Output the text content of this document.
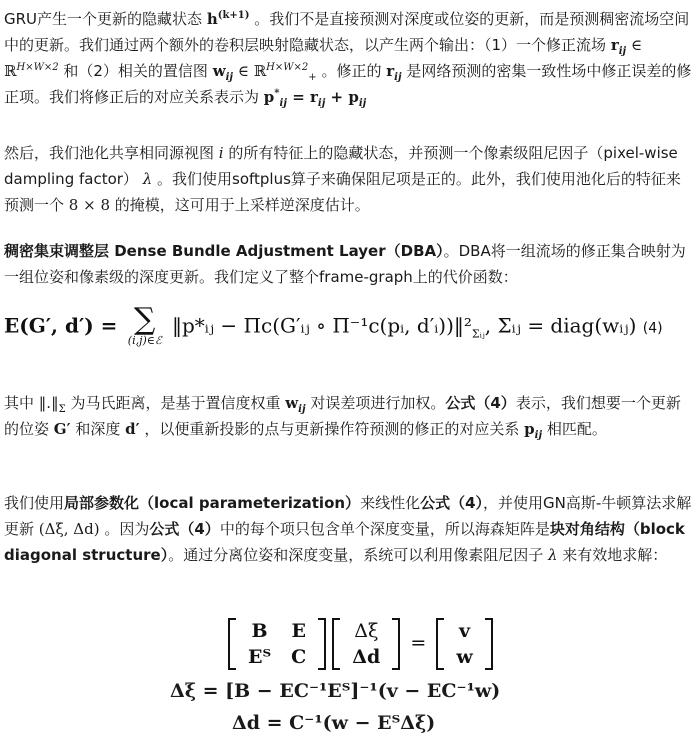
GRU产生一个更新的隐藏状态 $h^{(k+1)}$ 。我们不是直接预测对深度或位姿的更新，而是预测稠密流场空间中的更新。我们通过两个额外的卷积层映射隐藏状态，以产生两个输出：（1）一个修正流场 $r_{ij}$ ∈ ℝ$^{H\times W\times 2}$ 和（2）相关的置信图 $w_{ij}$ ∈ ℝ$^{H\times W\times 2}_+$ 。修正的 $r_{ij}$ 是网络预测的密集一致性场中修正误差的修正项。我们将修正后的对应关系表示为 $p^*_{ij} = r_{ij} + p_{ij}$

然后，我们池化共享相同源视图 i 的所有特征上的隐藏状态，并预测一个像素级阻尼因子（pixel-wise dampling factor） λ 。我们使用softplus算子来确保阻尼项是正的。此外，我们使用池化后的特征来预测一个 8 × 8 的掩模，这可用于上采样逆深度估计。

稠密集束调整层 Dense Bundle Adjustment Layer（DBA）。DBA将一组流场的修正集合映射为一组位姿和像素级的深度更新。我们定义了整个frame-graph上的代价函数：

E(G′, d′) = ∑
(i,j)∈ℰ
‖p*ᵢⱼ − Πc(G′ᵢⱼ ∘ Π⁻¹c(pᵢ, $d'ᵢ))‖^2_{\Sigma ᵢⱼ}$, Σᵢⱼ = diag(wᵢⱼ) (4)

其中 $‖.‖_\Sigma$ 为马氏距离，是基于置信度权重 $w_{ij}$ 对误差项进行加权。公式（4）表示，我们想要一个更新的位姿 G′ 和深度 d′ ，以便重新投影的点与更新操作符预测的修正的对应关系 $p_{ij}$ 相匹配。

我们使用局部参数化（local parameterization）来线性化公式（4），并使用GN高斯-牛顿算法求解更新 (Δξ, Δd) 。因为公式（4）中的每个项只包含单个深度变量，所以海森矩阵是块对角结构（block diagonal structure）。通过分离位姿和深度变量，系统可以利用像素阻尼因子 λ 来有效地求解：

B	E
Eᵀ	C

Δξ
Δd
=
v
w
Δξ = [B − EC⁻¹Eᵀ]⁻¹(v − EC⁻¹w)
Δd = C⁻¹(w − EᵀΔξ)
